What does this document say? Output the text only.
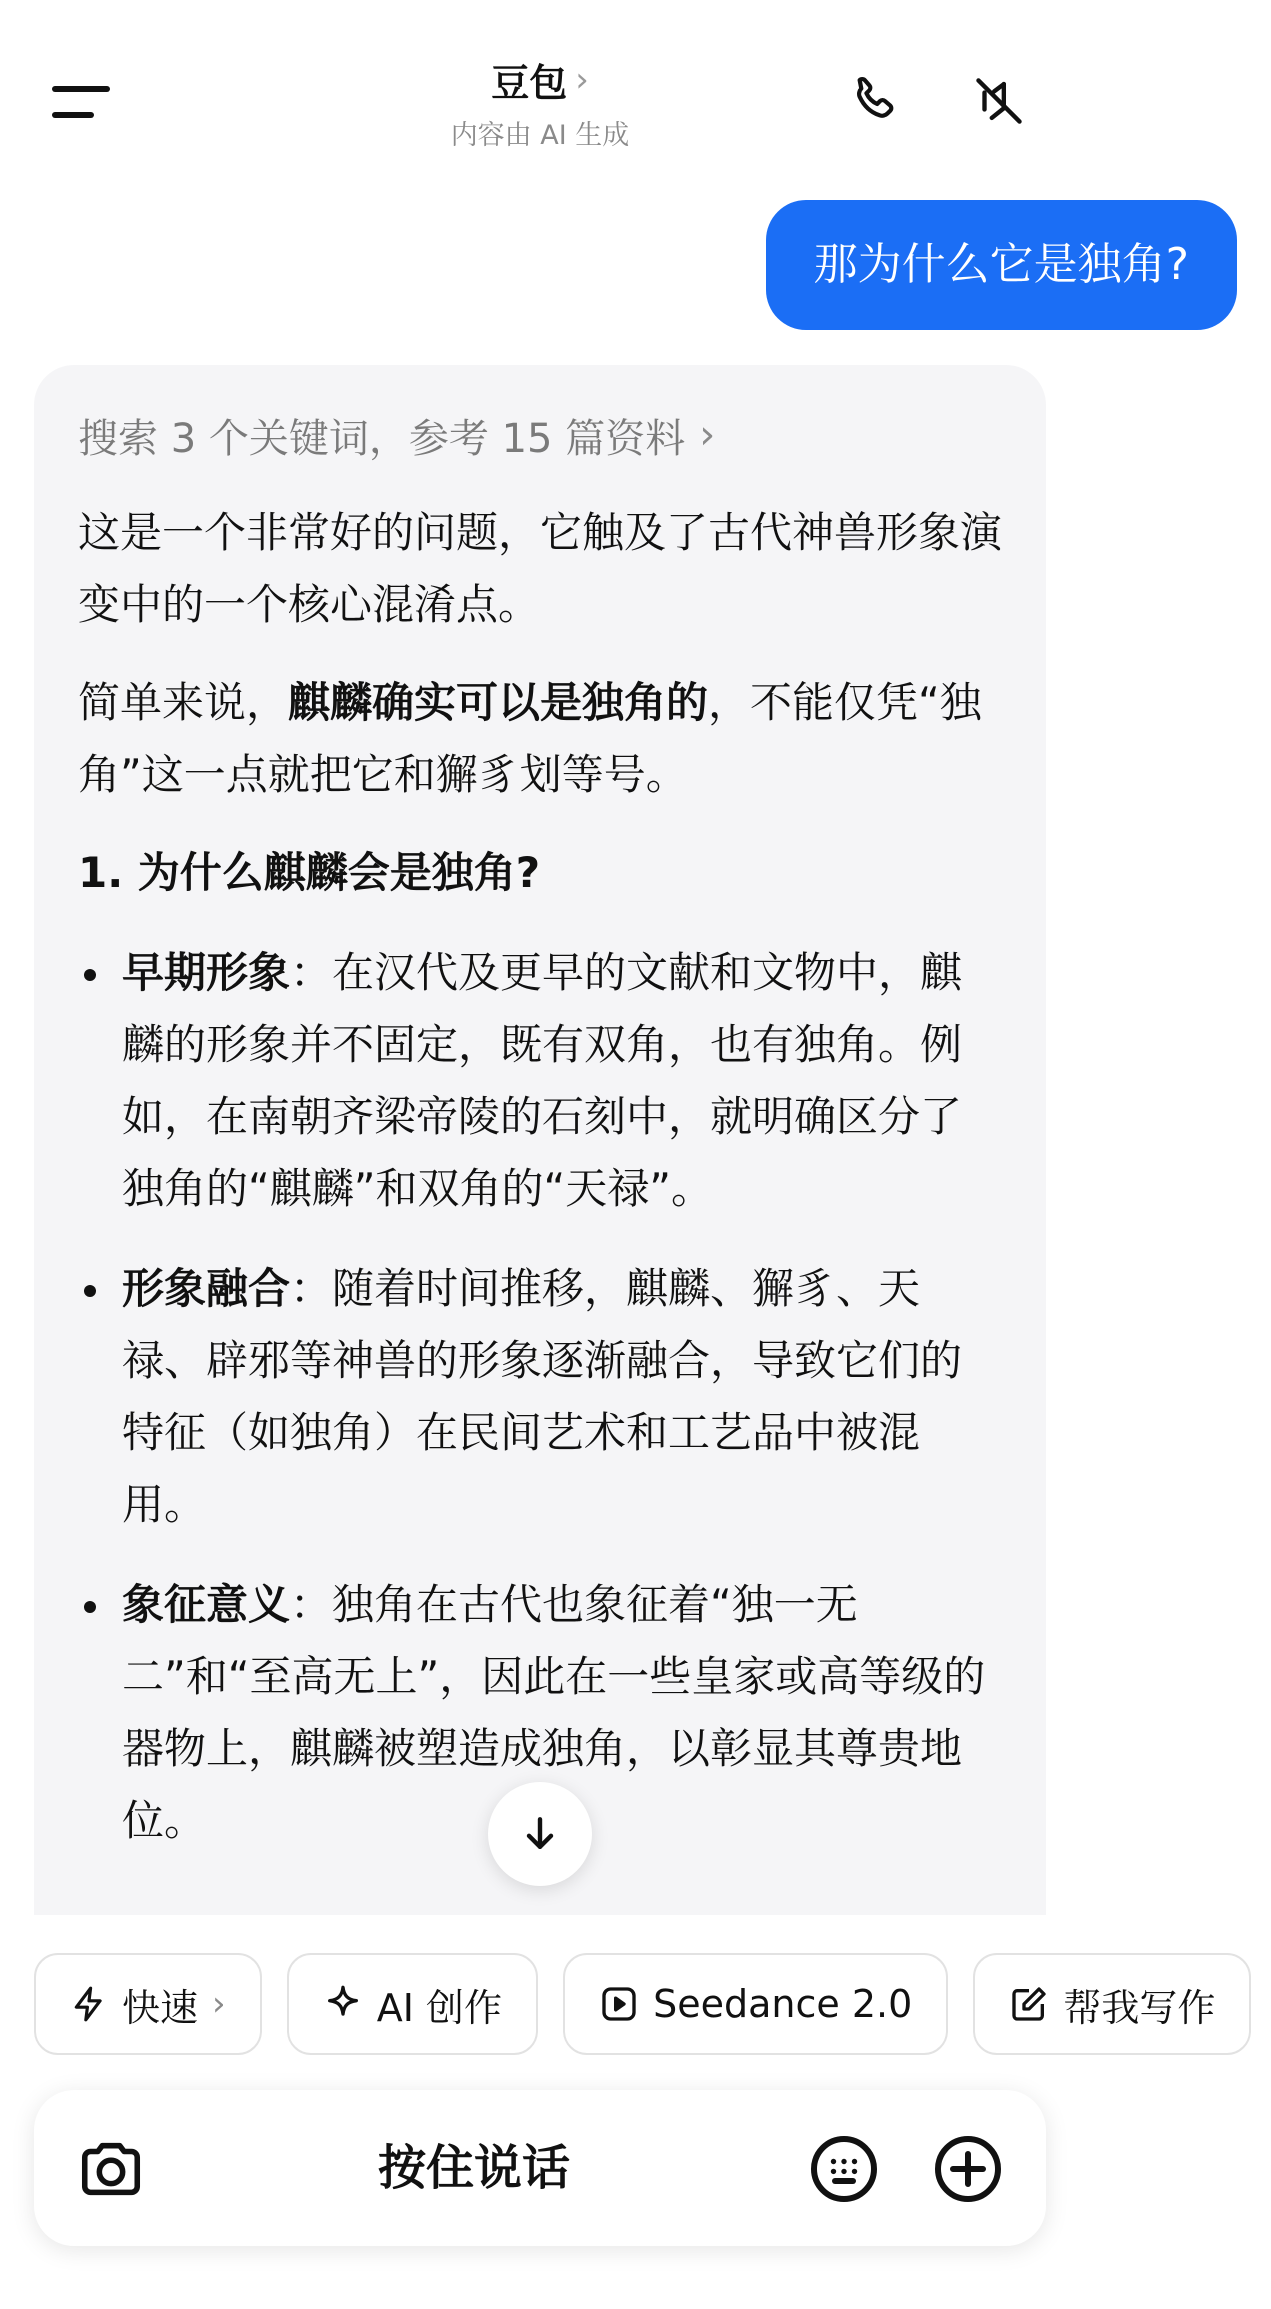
豆包 ›
内容由 AI 生成
那为什么它是独角?
搜索 3 个关键词，参考 15 篇资料 ›

这是一个非常好的问题，它触及了古代神兽形象演变中的一个核心混淆点。

简单来说，麒麟确实可以是独角的，不能仅凭“独角”这一点就把它和獬豸划等号。

1. 为什么麒麟会是独角?
早期形象：在汉代及更早的文献和文物中，麒麟的形象并不固定，既有双角，也有独角。例如，在南朝齐梁帝陵的石刻中，就明确区分了独角的“麒麟”和双角的“天禄”。
形象融合：随着时间推移，麒麟、獬豸、天禄、辟邪等神兽的形象逐渐融合，导致它们的特征（如独角）在民间艺术和工艺品中被混用。
象征意义：独角在古代也象征着“独一无二”和“至高无上”，因此在一些皇家或高等级的器物上，麒麟被塑造成独角，以彰显其尊贵地位。
快速 ›
	AI 创作
	Seedance 2.0
	帮我写作
按住说话
